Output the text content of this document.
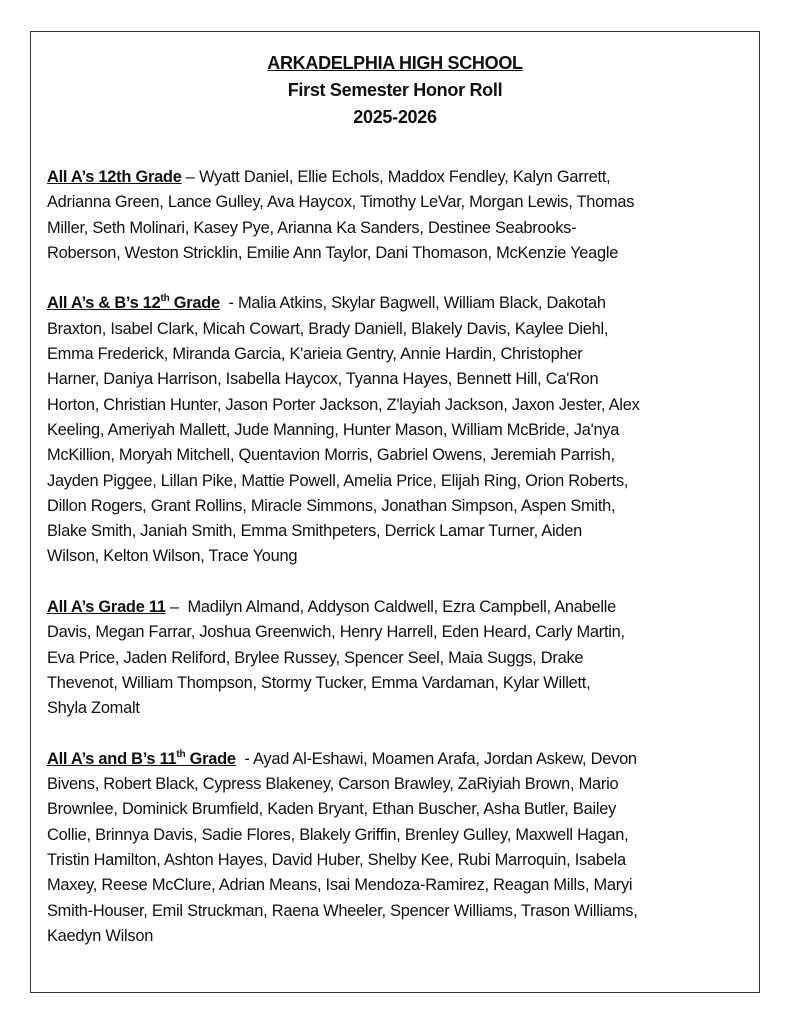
ARKADELPHIA HIGH SCHOOL
First Semester Honor Roll
2025-2026
All A’s 12th Grade – Wyatt Daniel, Ellie Echols, Maddox Fendley, Kalyn Garrett,
Adrianna Green, Lance Gulley, Ava Haycox, Timothy LeVar, Morgan Lewis, Thomas
Miller, Seth Molinari, Kasey Pye, Arianna Ka Sanders, Destinee Seabrooks-
Roberson, Weston Stricklin, Emilie Ann Taylor, Dani Thomason, McKenzie Yeagle
All A’s & B’s 12th Grade  - Malia Atkins, Skylar Bagwell, William Black, Dakotah
Braxton, Isabel Clark, Micah Cowart, Brady Daniell, Blakely Davis, Kaylee Diehl,
Emma Frederick, Miranda Garcia, K'arieia Gentry, Annie Hardin, Christopher
Harner, Daniya Harrison, Isabella Haycox, Tyanna Hayes, Bennett Hill, Ca'Ron
Horton, Christian Hunter, Jason Porter Jackson, Z'layiah Jackson, Jaxon Jester, Alex
Keeling, Ameriyah Mallett, Jude Manning, Hunter Mason, William McBride, Ja'nya
McKillion, Moryah Mitchell, Quentavion Morris, Gabriel Owens, Jeremiah Parrish,
Jayden Piggee, Lillan Pike, Mattie Powell, Amelia Price, Elijah Ring, Orion Roberts,
Dillon Rogers, Grant Rollins, Miracle Simmons, Jonathan Simpson, Aspen Smith,
Blake Smith, Janiah Smith, Emma Smithpeters, Derrick Lamar Turner, Aiden
Wilson, Kelton Wilson, Trace Young
All A’s Grade 11 –  Madilyn Almand, Addyson Caldwell, Ezra Campbell, Anabelle
Davis, Megan Farrar, Joshua Greenwich, Henry Harrell, Eden Heard, Carly Martin,
Eva Price, Jaden Reliford, Brylee Russey, Spencer Seel, Maia Suggs, Drake
Thevenot, William Thompson, Stormy Tucker, Emma Vardaman, Kylar Willett,
Shyla Zomalt
All A’s and B’s 11th Grade  - Ayad Al-Eshawi, Moamen Arafa, Jordan Askew, Devon
Bivens, Robert Black, Cypress Blakeney, Carson Brawley, ZaRiyiah Brown, Mario
Brownlee, Dominick Brumfield, Kaden Bryant, Ethan Buscher, Asha Butler, Bailey
Collie, Brinnya Davis, Sadie Flores, Blakely Griffin, Brenley Gulley, Maxwell Hagan,
Tristin Hamilton, Ashton Hayes, David Huber, Shelby Kee, Rubi Marroquin, Isabela
Maxey, Reese McClure, Adrian Means, Isai Mendoza-Ramirez, Reagan Mills, Maryi
Smith-Houser, Emil Struckman, Raena Wheeler, Spencer Williams, Trason Williams,
Kaedyn Wilson
